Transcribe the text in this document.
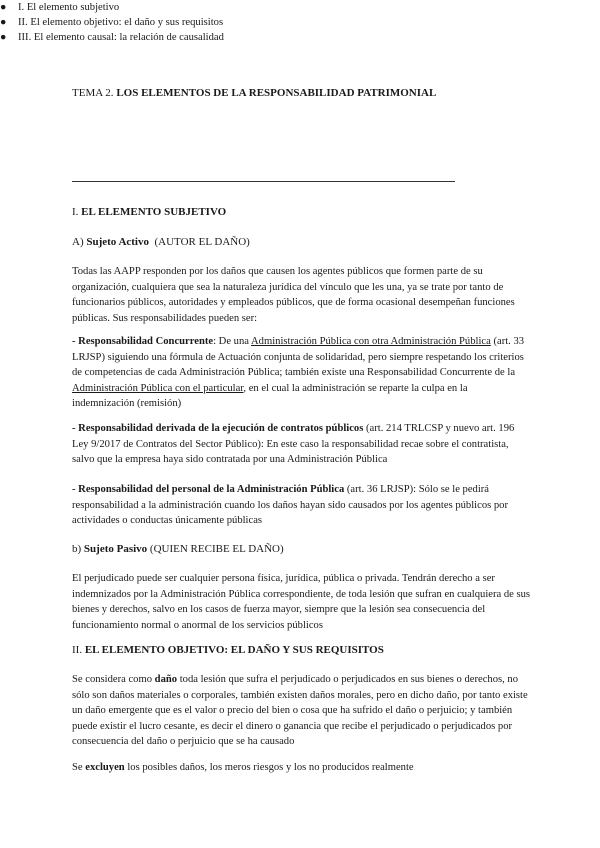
TEMA 2. LOS ELEMENTOS DE LA RESPONSABILIDAD PATRIMONIAL
● I. El elemento subjetivo
● II. El elemento objetivo: el daño y sus requisitos
● III. El elemento causal: la relación de causalidad
I. EL ELEMENTO SUBJETIVO
A) Sujeto Activo  (AUTOR EL DAÑO)
Todas las AAPP responden por los daños que causen los agentes públicos que formen parte de su organización, cualquiera que sea la naturaleza jurídica del vínculo que les una, ya se trate por tanto de funcionarios públicos, autoridades y empleados públicos, que de forma ocasional desempeñan funciones públicas. Sus responsabilidades pueden ser:
- Responsabilidad Concurrente: De una Administración Pública con otra Administración Pública (art. 33 LRJSP) siguiendo una fórmula de Actuación conjunta de solidaridad, pero siempre respetando los criterios de competencias de cada Administración Pública; también existe una Responsabilidad Concurrente de la Administración Pública con el particular, en el cual la administración se reparte la culpa en la indemnización (remisión)
- Responsabilidad derivada de la ejecución de contratos públicos (art. 214 TRLCSP y nuevo art. 196 Ley 9/2017 de Contratos del Sector Público): En este caso la responsabilidad recae sobre el contratista, salvo que la empresa haya sido contratada por una Administración Pública
- Responsabilidad del personal de la Administración Pública (art. 36 LRJSP): Sólo se le pedirá responsabilidad a la administración cuando los daños hayan sido causados por los agentes públicos por actividades o conductas únicamente públicas
b) Sujeto Pasivo (QUIEN RECIBE EL DAÑO)
El perjudicado puede ser cualquier persona física, jurídica, pública o privada. Tendrán derecho a ser indemnizados por la Administración Pública correspondiente, de toda lesión que sufran en cualquiera de sus bienes y derechos, salvo en los casos de fuerza mayor, siempre que la lesión sea consecuencia del funcionamiento normal o anormal de los servicios públicos
II. EL ELEMENTO OBJETIVO: EL DAÑO Y SUS REQUISITOS
Se considera como daño toda lesión que sufra el perjudicado o perjudicados en sus bienes o derechos, no sólo son daños materiales o corporales, también existen daños morales, pero en dicho daño, por tanto existe un daño emergente que es el valor o precio del bien o cosa que ha sufrido el daño o perjuicio; y también puede existir el lucro cesante, es decir el dinero o ganancia que recibe el perjudicado o perjudicados por consecuencia del daño o perjuicio que se ha causado
Se excluyen los posibles daños, los meros riesgos y los no producidos realmente
